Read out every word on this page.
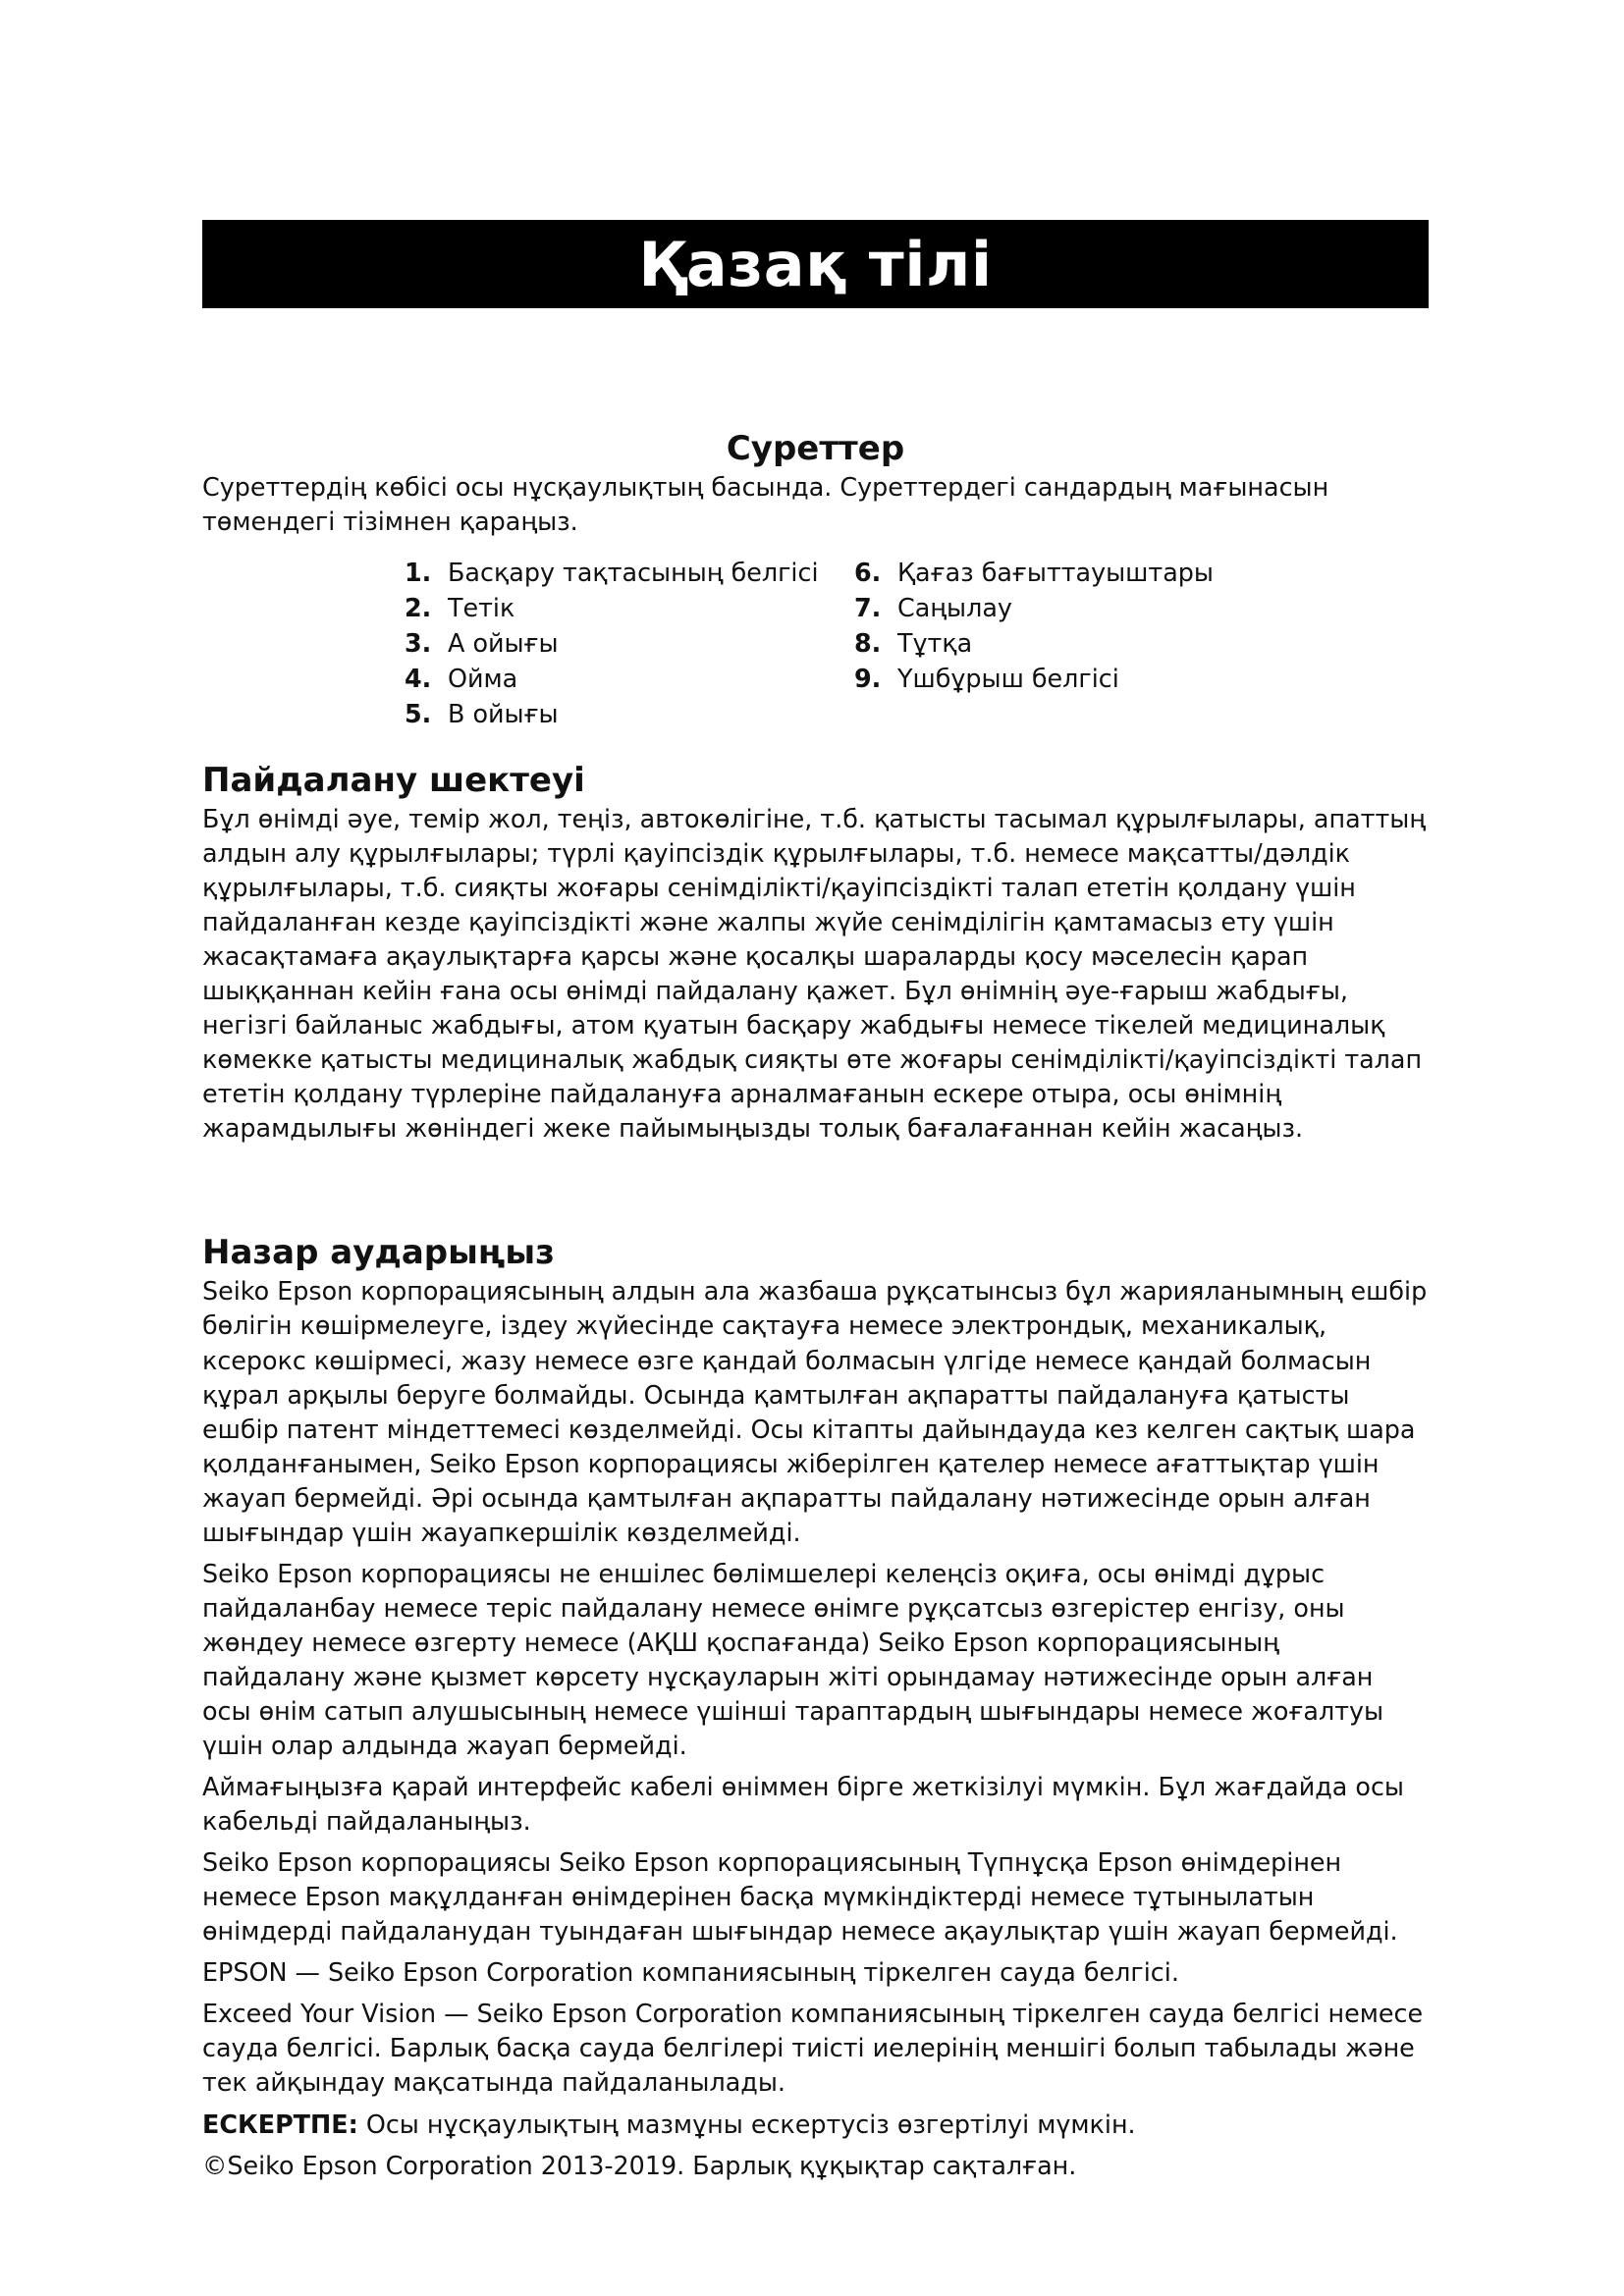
Қазақ тілі
Суреттер

Суреттердің көбісі осы нұсқаулықтың басында. Суреттердегі сандардың мағынасын төмендегі тізімнен қараңыз.

1. Басқару тақтасының белгісі
2. Тетік
3. A ойығы
4. Ойма
5. B ойығы
6. Қағаз бағыттауыштары
7. Саңылау
8. Тұтқа
9. Үшбұрыш белгісі
Пайдалану шектеуі

Бұл өнімді әуе, темір жол, теңіз, автокөлігіне, т.б. қатысты тасымал құрылғылары, апаттың алдын алу құрылғылары; түрлі қауіпсіздік құрылғылары, т.б. немесе мақсатты/дәлдік құрылғылары, т.б. сияқты жоғары сенімділікті/қауіпсіздікті талап ететін қолдану үшін пайдаланған кезде қауіпсіздікті және жалпы жүйе сенімділігін қамтамасыз ету үшін жасақтамаға ақаулықтарға қарсы және қосалқы шараларды қосу мәселесін қарап шыққаннан кейін ғана осы өнімді пайдалану қажет. Бұл өнімнің әуе-ғарыш жабдығы, негізгі байланыс жабдығы, атом қуатын басқару жабдығы немесе тікелей медициналық көмекке қатысты медициналық жабдық сияқты өте жоғары сенімділікті/қауіпсіздікті талап ететін қолдану түрлеріне пайдалануға арналмағанын ескере отыра, осы өнімнің жарамдылығы жөніндегі жеке пайымыңызды толық бағалағаннан кейін жасаңыз.

Назар аударыңыз

Seiko Epson корпорациясының алдын ала жазбаша рұқсатынсыз бұл жарияланымның ешбір бөлігін көшірмелеуге, іздеу жүйесінде сақтауға немесе электрондық, механикалық, ксерокс көшірмесі, жазу немесе өзге қандай болмасын үлгіде немесе қандай болмасын құрал арқылы беруге болмайды. Осында қамтылған ақпаратты пайдалануға қатысты ешбір патент міндеттемесі көзделмейді. Осы кітапты дайындауда кез келген сақтық шара қолданғанымен, Seiko Epson корпорациясы жіберілген қателер немесе ағаттықтар үшін жауап бермейді. Әрі осында қамтылған ақпаратты пайдалану нәтижесінде орын алған шығындар үшін жауапкершілік көзделмейді.

Seiko Epson корпорациясы не еншілес бөлімшелері келеңсіз оқиға, осы өнімді дұрыс пайдаланбау немесе теріс пайдалану немесе өнімге рұқсатсыз өзгерістер енгізу, оны жөндеу немесе өзгерту немесе (АҚШ қоспағанда) Seiko Epson корпорациясының пайдалану және қызмет көрсету нұсқауларын жіті орындамау нәтижесінде орын алған осы өнім сатып алушысының немесе үшінші тараптардың шығындары немесе жоғалтуы үшін олар алдында жауап бермейді.

Аймағыңызға қарай интерфейс кабелі өніммен бірге жеткізілуі мүмкін. Бұл жағдайда осы кабельді пайдаланыңыз.

Seiko Epson корпорациясы Seiko Epson корпорациясының Түпнұсқа Epson өнімдерінен немесе Epson мақұлданған өнімдерінен басқа мүмкіндіктерді немесе тұтынылатын өнімдерді пайдаланудан туындаған шығындар немесе ақаулықтар үшін жауап бермейді.

EPSON — Seiko Epson Corporation компаниясының тіркелген сауда белгісі.

Exceed Your Vision — Seiko Epson Corporation компаниясының тіркелген сауда белгісі немесе сауда белгісі. Барлық басқа сауда белгілері тиісті иелерінің меншігі болып табылады және тек айқындау мақсатында пайдаланылады.

ЕСКЕРТПЕ: Осы нұсқаулықтың мазмұны ескертусіз өзгертілуі мүмкін.

©Seiko Epson Corporation 2013-2019. Барлық құқықтар сақталған.
